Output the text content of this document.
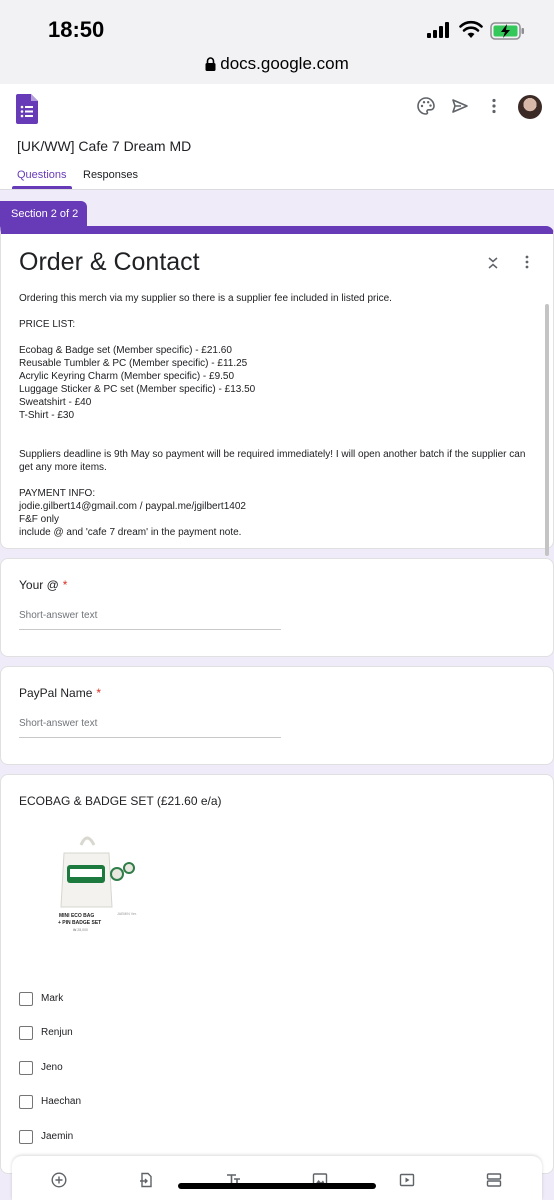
18:50
docs.google.com
[UK/WW] Cafe 7 Dream MD
Questions Responses
Section 2 of 2
Order & Contact
Ordering this merch via my supplier so there is a supplier fee included in listed price.

PRICE LIST:

Ecobag & Badge set (Member specific) - £21.60
Reusable Tumbler & PC (Member specific) - £11.25
Acrylic Keyring Charm (Member specific) - £9.50
Luggage Sticker & PC set (Member specific) - £13.50
Sweatshirt - £40
T-Shirt - £30

Suppliers deadline is 9th May so payment will be required immediately! I will open another batch if the supplier can get any more items.

PAYMENT INFO:
jodie.gilbert14@gmail.com / paypal.me/jgilbert1402
F&F only
include @ and 'cafe 7 dream' in the payment note.
Your @ *
Short-answer text
PayPal Name *
Short-answer text
ECOBAG & BADGE SET (£21.60 e/a)
MINI ECO BAG
+ PIN BADGE SET
₩ 28,000
JAEMIN Ver.
Mark
Renjun
Jeno
Haechan
Jaemin
